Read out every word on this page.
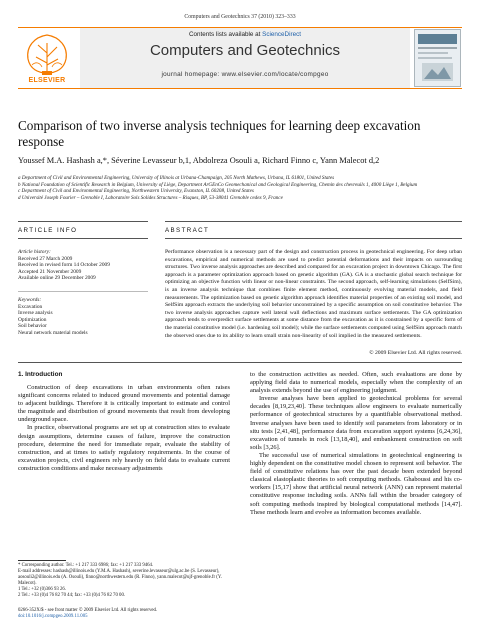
Computers and Geotechnics 37 (2010) 323–333
ELSEVIER
Contents lists available at ScienceDirect
Computers and Geotechnics
journal homepage: www.elsevier.com/locate/compgeo
Comparison of two inverse analysis techniques for learning deep excavation response
Youssef M.A. Hashash a,*, Séverine Levasseur b,1, Abdolreza Osouli a, Richard Finno c, Yann Malecot d,2
a Department of Civil and Environmental Engineering, University of Illinois at Urbana-Champaign, 205 North Mathews, Urbana, IL 61801, United States
b National Foundation of Scientific Research in Belgium, University of Liège, Department ArGEnCo Geomechanical and Geological Engineering, Chemin des chevreuils 1, 4000 Liège 1, Belgium
c Department of Civil and Environmental Engineering, Northwestern University, Evanston, IL 60208, United States
d Université Joseph Fourier – Grenoble I, Laboratoire Sols Solides Structures – Risques, BP, 53-38041 Grenoble cedex 9, France
ARTICLE INFO	ABSTRACT
Article history:
Received 27 March 2009
Received in revised form 14 October 2009
Accepted 21 November 2009
Available online 29 December 2009
Keywords:
Excavation
Inverse analysis
Optimization
Soil behavior
Neural network material models
Performance observation is a necessary part of the design and construction process in geotechnical engineering. For deep urban excavations, empirical and numerical methods are used to predict potential deformations and their impacts on surrounding structures. Two inverse analysis approaches are described and compared for an excavation project in downtown Chicago. The first approach is a parameter optimization approach based on genetic algorithm (GA). GA is a stochastic global search technique for optimizing an objective function with linear or non-linear constraints. The second approach, self-learning simulations (SelfSim), is an inverse analysis technique that combines finite element method, continuously evolving material models, and field measurements. The optimization based on genetic algorithm approach identifies material properties of an existing soil model, and SelfSim approach extracts the underlying soil behavior unconstrained by a specific assumption on soil constitutive behavior. The two inverse analysis approaches capture well lateral wall deflections and maximum surface settlements. The GA optimization approach tends to overpredict surface settlements at some distance from the excavation as it is constrained by a specific form of the material constitutive model (i.e. hardening soil model); while the surface settlements computed using SelfSim approach match the observed ones due to its ability to learn small strain non-linearity of soil implied in the measured settlements.
© 2009 Elsevier Ltd. All rights reserved.
1. Introduction

Construction of deep excavations in urban environments often raises significant concerns related to induced ground movements and potential damage to adjacent buildings. Therefore it is critically important to estimate and control the magnitude and distribution of ground movements that result from developing underground space.

In practice, observational programs are set up at construction sites to evaluate design assumptions, determine causes of failure, improve the construction procedure, determine the need for immediate repair, evaluate the stability of construction, and at times to satisfy regulatory requirements. In the course of excavation projects, civil engineers rely heavily on field data to evaluate current construction conditions and make necessary adjustments

to the construction activities as needed. Often, such evaluations are done by applying field data to numerical models, especially when the complexity of an analysis extends beyond the use of engineering judgment.

Inverse analyses have been applied to geotechnical problems for several decades [8,19,23,40]. These techniques allow engineers to evaluate numerically performance of geotechnical structures by a quantifiable observational method. Inverse analyses have been used to identify soil parameters from laboratory or in situ tests [2,41,48], performance data from excavation support systems [6,24,36], excavation of tunnels in rock [13,18,40], and embankment construction on soft soils [3,26].

The successful use of numerical simulations in geotechnical engineering is highly dependent on the constitutive model chosen to represent soil behavior. The field of constitutive relations has over the past decade been extended beyond classical elastoplastic theories to soft computing methods. Ghaboussi and his co-workers [15,17] show that artificial neural network (ANN) can represent material constitutive response including soils. ANNs fall within the broader category of soft computing methods inspired by biological computational methods [14,47]. These methods learn and evolve as information becomes available.

* Corresponding author. Tel.: +1 217 333 6986; fax: +1 217 333 9464.
E-mail addresses: hashash@illinois.edu (Y.M.A. Hashash), severine.levasseur@ulg.ac.be (S. Levasseur), aosouli2@illinois.edu (A. Osouli), finno@northwestern.edu (R. Finno), yann.malecot@ujf-grenoble.fr (Y. Malecot).
1 Tel.: +32 (0)366 93 26.
2 Tel.: +33 (0)4 76 82 70 44; fax: +33 (0)4 76 82 70 00.
0266-352X/$ - see front matter © 2009 Elsevier Ltd. All rights reserved.
doi:10.1016/j.compgeo.2009.11.005
